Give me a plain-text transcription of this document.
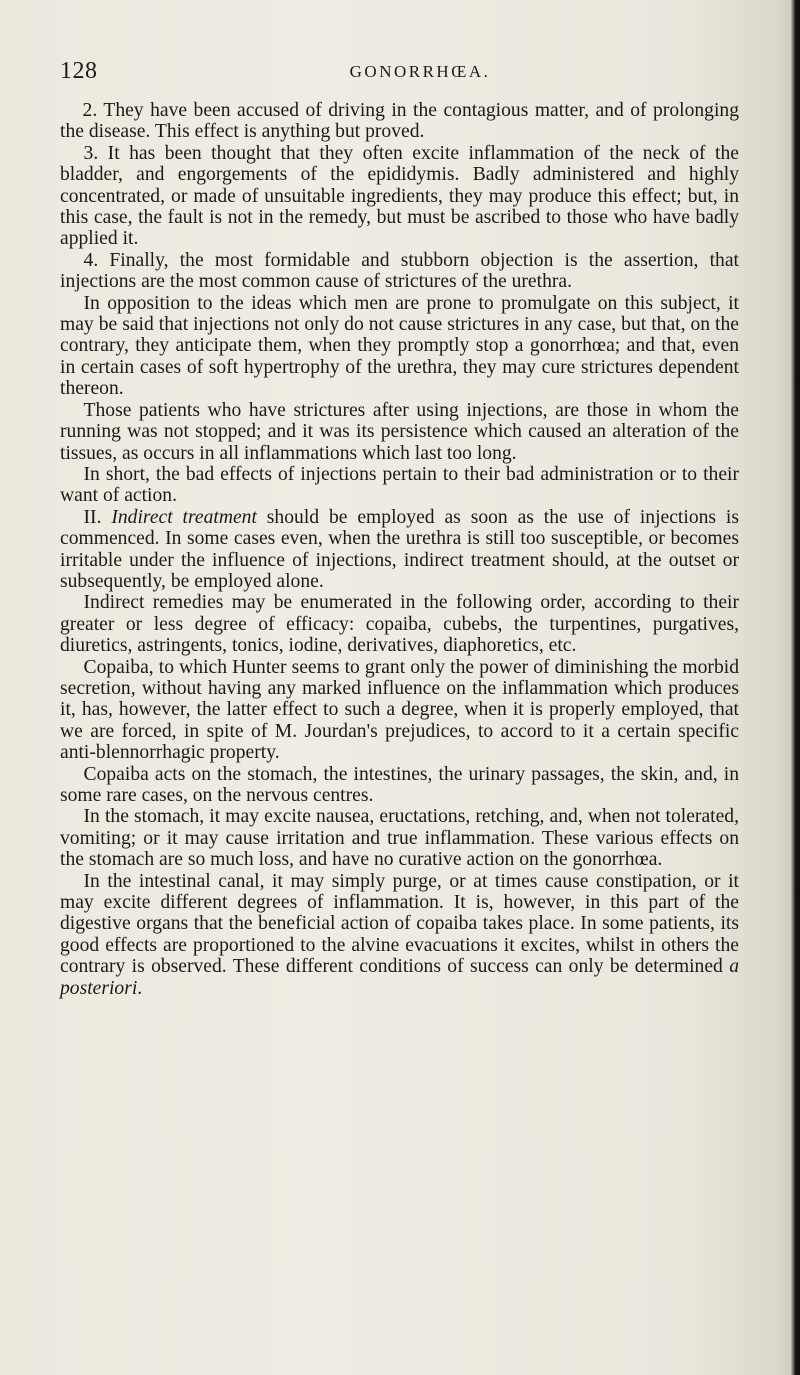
128	GONORRHŒA.

2. They have been accused of driving in the contagious matter, and of prolonging the disease. This effect is anything but proved.

3. It has been thought that they often excite inflammation of the neck of the bladder, and engorgements of the epididymis. Badly administered and highly concentrated, or made of unsuitable ingredients, they may produce this effect; but, in this case, the fault is not in the remedy, but must be ascribed to those who have badly applied it.

4. Finally, the most formidable and stubborn objection is the assertion, that injections are the most common cause of strictures of the urethra.

In opposition to the ideas which men are prone to promulgate on this subject, it may be said that injections not only do not cause strictures in any case, but that, on the contrary, they anticipate them, when they promptly stop a gonorrhœa; and that, even in certain cases of soft hypertrophy of the urethra, they may cure strictures dependent thereon.

Those patients who have strictures after using injections, are those in whom the running was not stopped; and it was its persistence which caused an alteration of the tissues, as occurs in all inflammations which last too long.

In short, the bad effects of injections pertain to their bad administration or to their want of action.

II. Indirect treatment should be employed as soon as the use of injections is commenced. In some cases even, when the urethra is still too susceptible, or becomes irritable under the influence of injections, indirect treatment should, at the outset or subsequently, be employed alone.

Indirect remedies may be enumerated in the following order, according to their greater or less degree of efficacy: copaiba, cubebs, the turpentines, purgatives, diuretics, astringents, tonics, iodine, derivatives, diaphoretics, etc.

Copaiba, to which Hunter seems to grant only the power of diminishing the morbid secretion, without having any marked influence on the inflammation which produces it, has, however, the latter effect to such a degree, when it is properly employed, that we are forced, in spite of M. Jourdan's prejudices, to accord to it a certain specific anti-blennorrhagic property.

Copaiba acts on the stomach, the intestines, the urinary passages, the skin, and, in some rare cases, on the nervous centres.

In the stomach, it may excite nausea, eructations, retching, and, when not tolerated, vomiting; or it may cause irritation and true inflammation. These various effects on the stomach are so much loss, and have no curative action on the gonorrhœa.

In the intestinal canal, it may simply purge, or at times cause constipation, or it may excite different degrees of inflammation. It is, however, in this part of the digestive organs that the beneficial action of copaiba takes place. In some patients, its good effects are proportioned to the alvine evacuations it excites, whilst in others the contrary is observed. These different conditions of success can only be determined a posteriori.
